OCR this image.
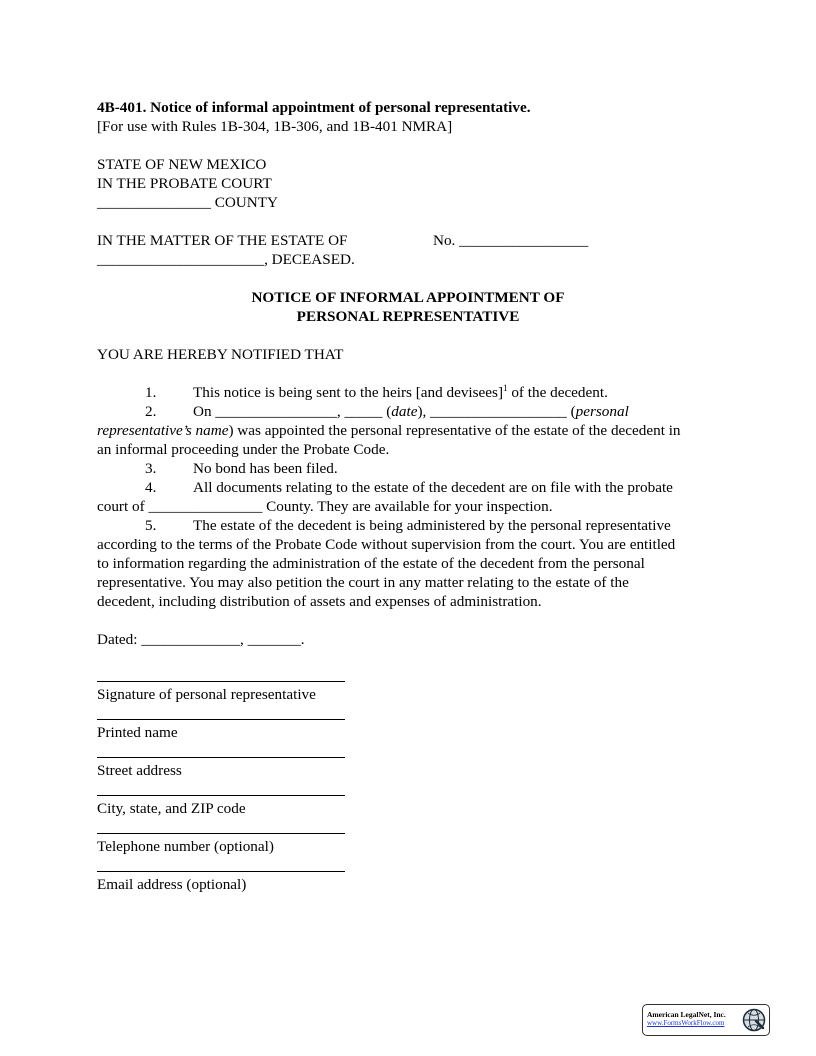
4B-401. Notice of informal appointment of personal representative.
[For use with Rules 1B-304, 1B-306, and 1B-401 NMRA]
STATE OF NEW MEXICO
IN THE PROBATE COURT
_______________ COUNTY
IN THE MATTER OF THE ESTATE OF	No. _________________
______________________, DECEASED.
NOTICE OF INFORMAL APPOINTMENT OF
PERSONAL REPRESENTATIVE
YOU ARE HEREBY NOTIFIED THAT
1. This notice is being sent to the heirs [and devisees]$^1$ of the decedent.
2. On ________________, _____ (date), __________________ (personal
representative’s name) was appointed the personal representative of the estate of the decedent in
an informal proceeding under the Probate Code.
3. No bond has been filed.
4. All documents relating to the estate of the decedent are on file with the probate
court of _______________ County. They are available for your inspection.
5. The estate of the decedent is being administered by the personal representative
according to the terms of the Probate Code without supervision from the court. You are entitled
to information regarding the administration of the estate of the decedent from the personal
representative. You may also petition the court in any matter relating to the estate of the
decedent, including distribution of assets and expenses of administration.
Dated: _____________, _______.
Signature of personal representative
Printed name
Street address
City, state, and ZIP code
Telephone number (optional)
Email address (optional)
American LegalNet, Inc.
www.FormsWorkFlow.com
